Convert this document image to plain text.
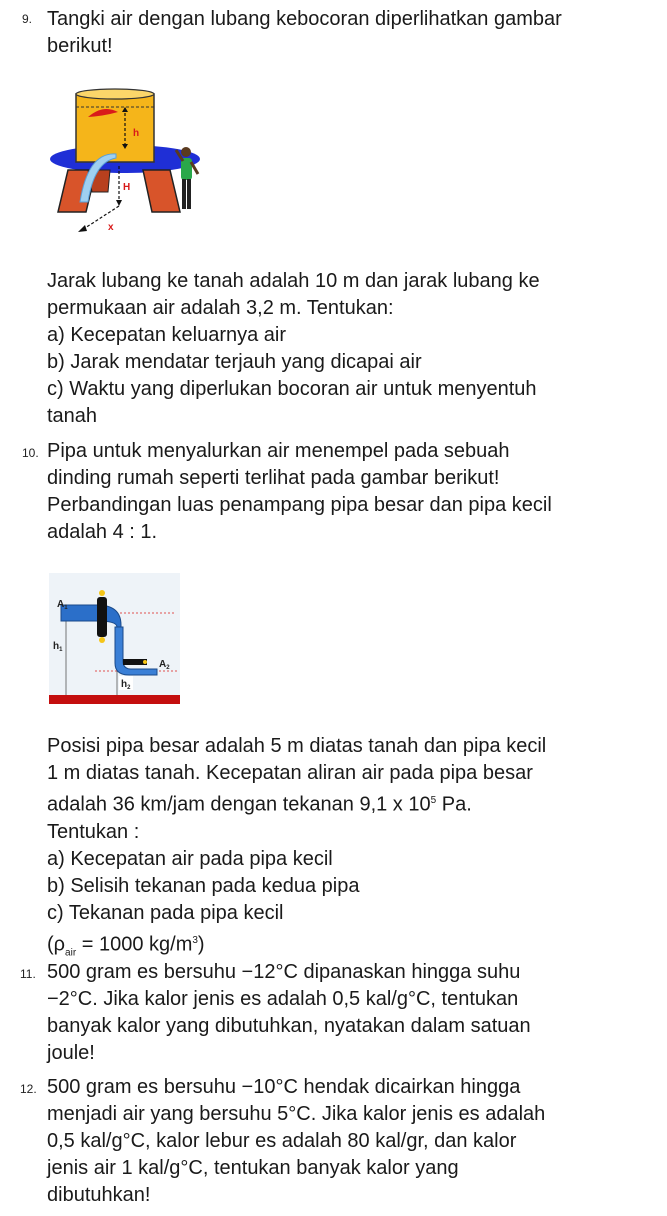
9. Tangki air dengan lubang kebocoran diperlihatkan gambar
berikut!
h
H
x
Jarak lubang ke tanah adalah 10 m dan jarak lubang ke
permukaan air adalah 3,2 m. Tentukan:
a) Kecepatan keluarnya air
b) Jarak mendatar terjauh yang dicapai air
c) Waktu yang diperlukan bocoran air untuk menyentuh
tanah
10. Pipa untuk menyalurkan air menempel pada sebuah
dinding rumah seperti terlihat pada gambar berikut!
Perbandingan luas penampang pipa besar dan pipa kecil
adalah 4 : 1.
$A_1$
$h_1$
$A_2$
$h_2$
Posisi pipa besar adalah 5 m diatas tanah dan pipa kecil
1 m diatas tanah. Kecepatan aliran air pada pipa besar
adalah 36 km/jam dengan tekanan 9,1 x $10^5$ Pa.
Tentukan :
a) Kecepatan air pada pipa kecil
b) Selisih tekanan pada kedua pipa
c) Tekanan pada pipa kecil
($\rho_{air} = 1000$ $kg/m^3$)
11. 500 gram es bersuhu −12°C dipanaskan hingga suhu
−2°C. Jika kalor jenis es adalah 0,5 kal/g°C, tentukan
banyak kalor yang dibutuhkan, nyatakan dalam satuan
joule!
12. 500 gram es bersuhu −10°C hendak dicairkan hingga
menjadi air yang bersuhu 5°C. Jika kalor jenis es adalah
0,5 kal/g°C, kalor lebur es adalah 80 kal/gr, dan kalor
jenis air 1 kal/g°C, tentukan banyak kalor yang
dibutuhkan!
